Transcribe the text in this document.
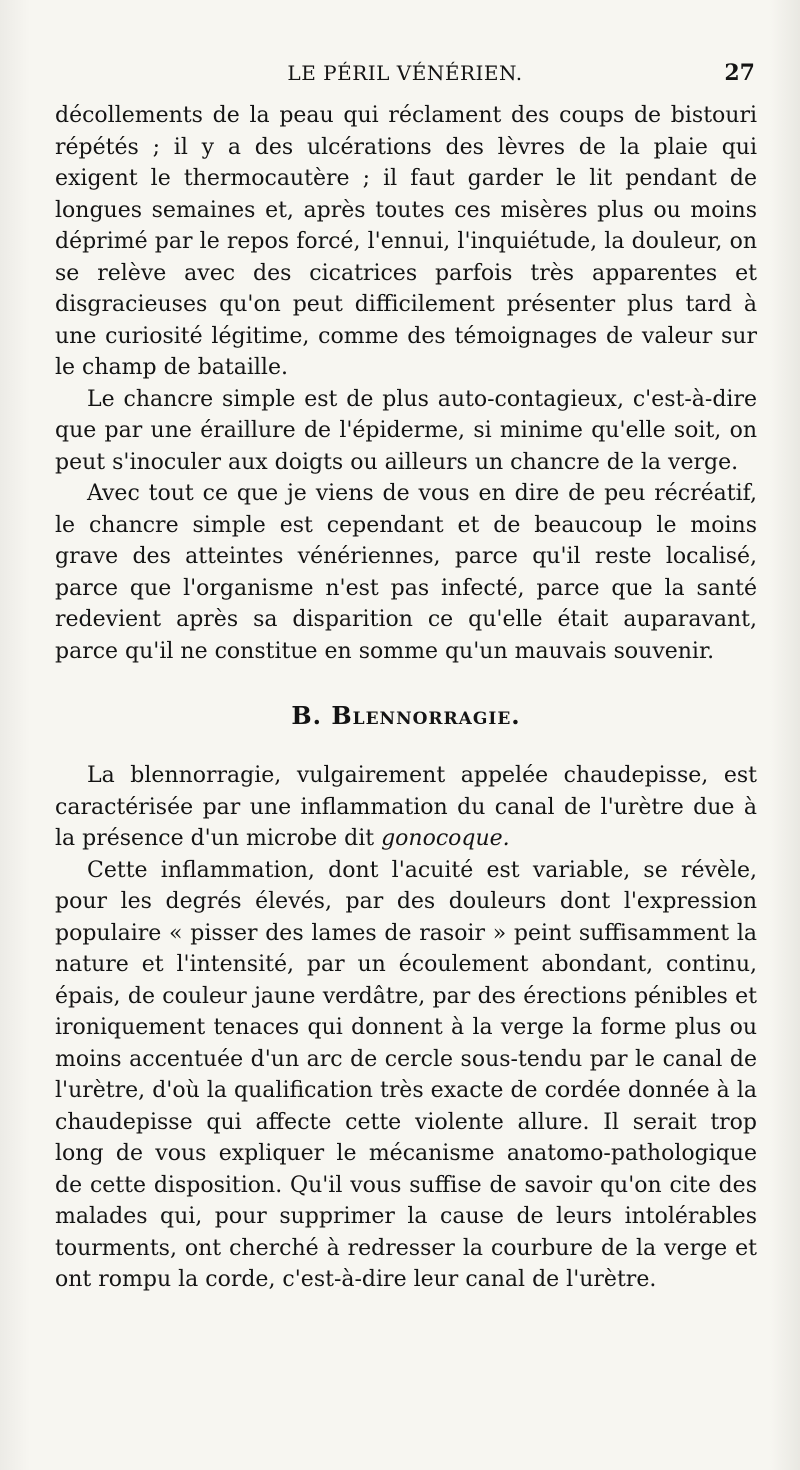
LE PÉRIL VÉNÉRIEN.	27

décollements de la peau qui réclament des coups de bistouri répétés ; il y a des ulcérations des lèvres de la plaie qui exigent le thermocautère ; il faut garder le lit pendant de longues semaines et, après toutes ces misères plus ou moins déprimé par le repos forcé, l'ennui, l'inquiétude, la douleur, on se relève avec des cicatrices parfois très apparentes et disgracieuses qu'on peut difficilement présenter plus tard à une curiosité légitime, comme des témoignages de valeur sur le champ de bataille.

Le chancre simple est de plus auto-contagieux, c'est-à-dire que par une éraillure de l'épiderme, si minime qu'elle soit, on peut s'inoculer aux doigts ou ailleurs un chancre de la verge.

Avec tout ce que je viens de vous en dire de peu récréatif, le chancre simple est cependant et de beaucoup le moins grave des atteintes vénériennes, parce qu'il reste localisé, parce que l'organisme n'est pas infecté, parce que la santé redevient après sa disparition ce qu'elle était auparavant, parce qu'il ne constitue en somme qu'un mauvais souvenir.

B. Blennorragie.

La blennorragie, vulgairement appelée chaudepisse, est caractérisée par une inflammation du canal de l'urètre due à la présence d'un microbe dit gonocoque.

Cette inflammation, dont l'acuité est variable, se révèle, pour les degrés élevés, par des douleurs dont l'expression populaire « pisser des lames de rasoir » peint suffisamment la nature et l'intensité, par un écoulement abondant, continu, épais, de couleur jaune verdâtre, par des érections pénibles et ironiquement tenaces qui donnent à la verge la forme plus ou moins accentuée d'un arc de cercle sous-tendu par le canal de l'urètre, d'où la qualification très exacte de cordée donnée à la chaudepisse qui affecte cette violente allure. Il serait trop long de vous expliquer le mécanisme anatomo-pathologique de cette disposition. Qu'il vous suffise de savoir qu'on cite des malades qui, pour supprimer la cause de leurs intolérables tourments, ont cherché à redresser la courbure de la verge et ont rompu la corde, c'est-à-dire leur canal de l'urètre.
